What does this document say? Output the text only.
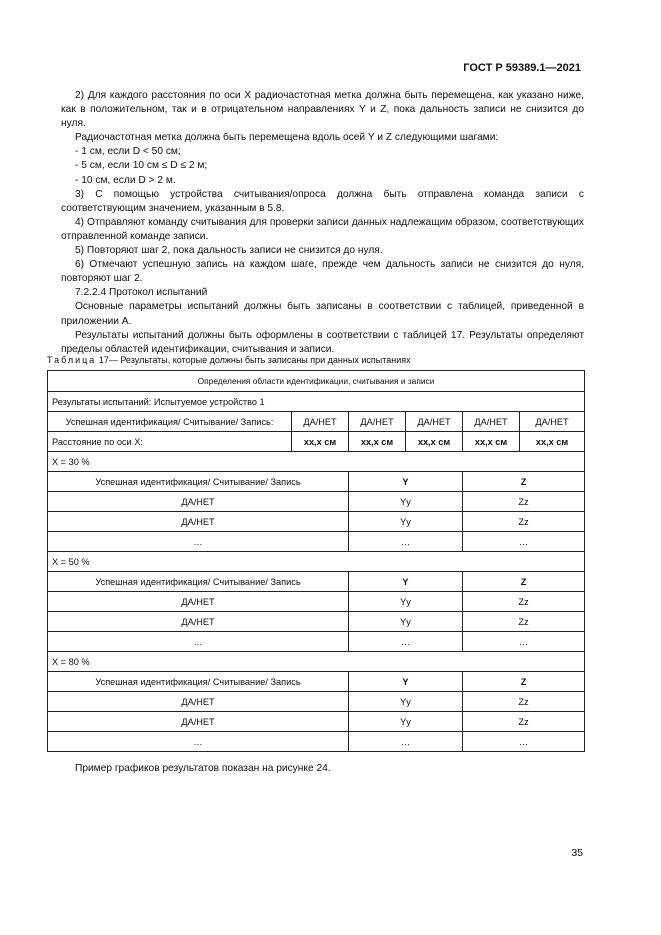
ГОСТ Р 59389.1—2021

2) Для каждого расстояния по оси X радиочастотная метка должна быть перемещена, как указано ниже, как в положительном, так и в отрицательном направлениях Y и Z, пока дальность записи не снизится до нуля.

Радиочастотная метка должна быть перемещена вдоль осей Y и Z следующими шагами:

- 1 см, если D < 50 см;

- 5 см, если 10 см ≤ D ≤ 2 м;

- 10 см, если D > 2 м.

3) С помощью устройства считывания/опроса должна быть отправлена команда записи с соответствующим значением, указанным в 5.8.

4) Отправляют команду считывания для проверки записи данных надлежащим образом, соответствующих отправленной команде записи.

5) Повторяют шаг 2, пока дальность записи не снизится до нуля.

6) Отмечают успешную запись на каждом шаге, прежде чем дальность записи не снизится до нуля, повторяют шаг 2.

7.2.2.4 Протокол испытаний

Основные параметры испытаний должны быть записаны в соответствии с таблицей, приведенной в приложении А.

Результаты испытаний должны быть оформлены в соответствии с таблицей 17. Результаты определяют пределы областей идентификации, считывания и записи.

Таблица 17— Результаты, которые должны быть записаны при данных испытаниях
Определения области идентификации, считывания и записи					
Результаты испытаний: Испытуемое устройство 1					
Успешная идентификация/ Считывание/ Запись:	ДА/НЕТ	ДА/НЕТ	ДА/НЕТ	ДА/НЕТ	ДА/НЕТ
Расстояние по оси X:	xx,x см	xx,x см	xx,x см	xx,x см	xx,x см
X = 30 %					
Успешная идентификация/ Считывание/ Запись		Y		Z	
ДА/НЕТ		Yy		Zz	
ДА/НЕТ		Yy		Zz	
…		…		…	
X = 50 %					
Успешная идентификация/ Считывание/ Запись		Y		Z	
ДА/НЕТ		Yy		Zz	
ДА/НЕТ		Yy		Zz	
…		…		…	
X = 80 %					
Успешная идентификация/ Считывание/ Запись		Y		Z	
ДА/НЕТ		Yy		Zz	
ДА/НЕТ		Yy		Zz	
…		…		…	
Пример графиков результатов показан на рисунке 24.
35
